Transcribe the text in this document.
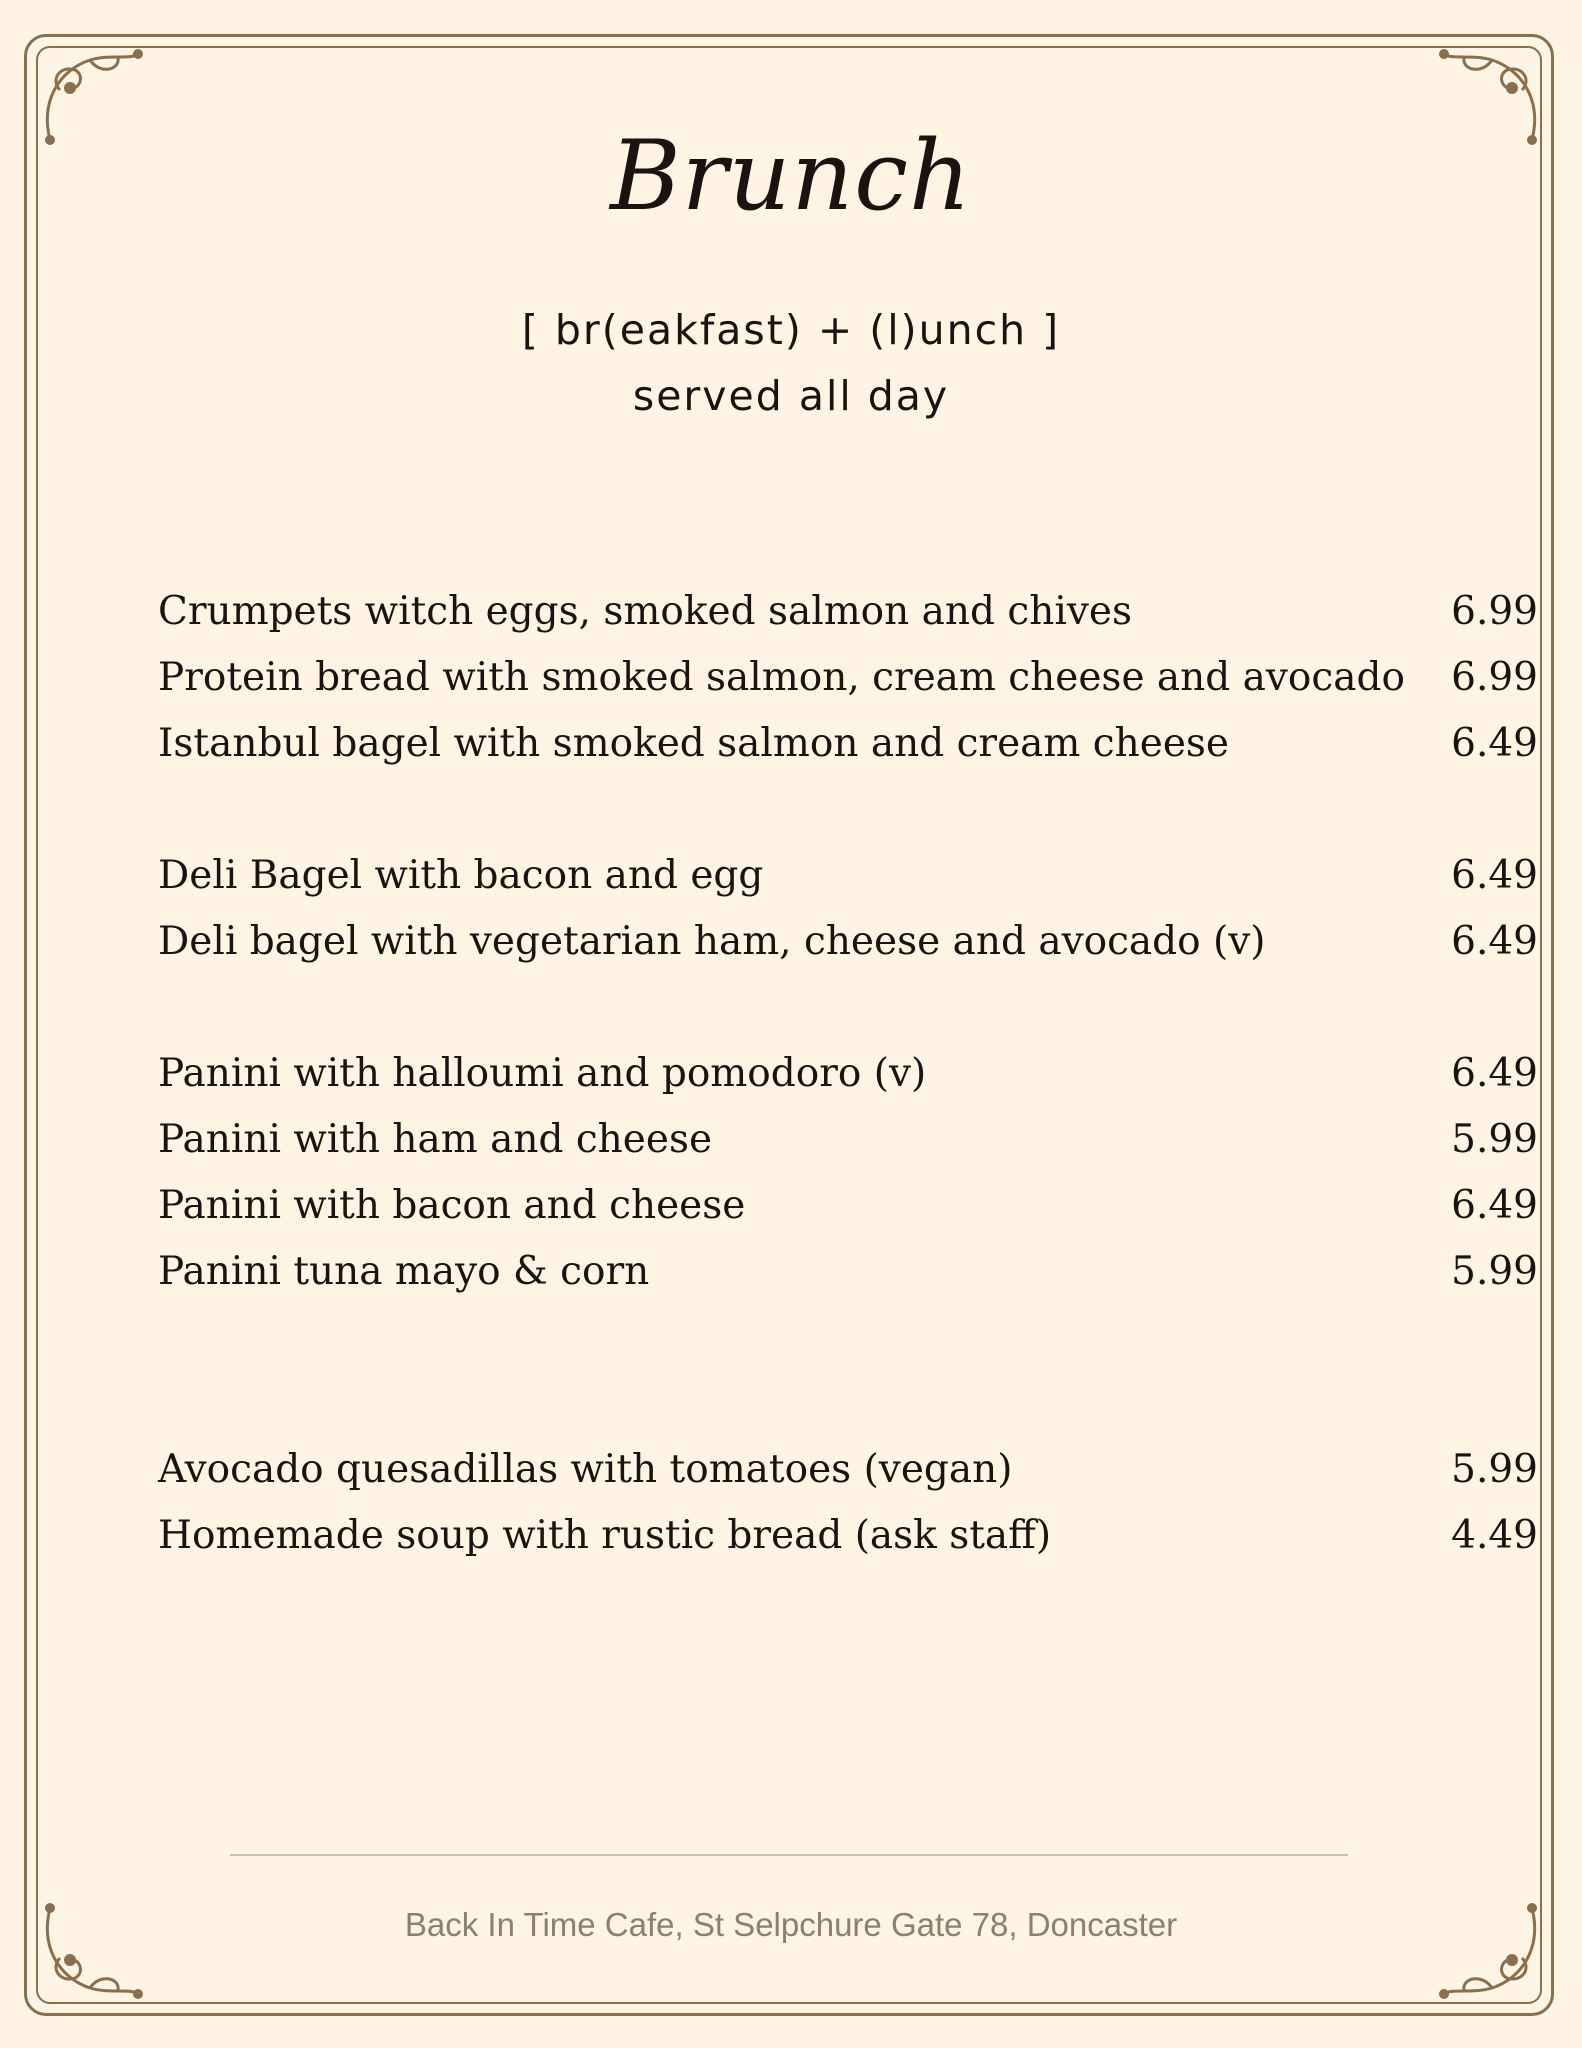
Brunch
[ br(eakfast) + (l)unch ]
served all day
Crumpets witch eggs, smoked salmon and chives	6.99
Protein bread with smoked salmon, cream cheese and avocado 6.99
Istanbul bagel with smoked salmon and cream cheese	6.49
Deli Bagel with bacon and egg	6.49
Deli bagel with vegetarian ham, cheese and avocado (v)	6.49
Panini with halloumi and pomodoro (v)	6.49
Panini with ham and cheese	5.99
Panini with bacon and cheese	6.49
Panini tuna mayo & corn	5.99
Avocado quesadillas with tomatoes (vegan)	5.99
Homemade soup with rustic bread (ask staff)	4.49
Back In Time Cafe, St Selpchure Gate 78, Doncaster
